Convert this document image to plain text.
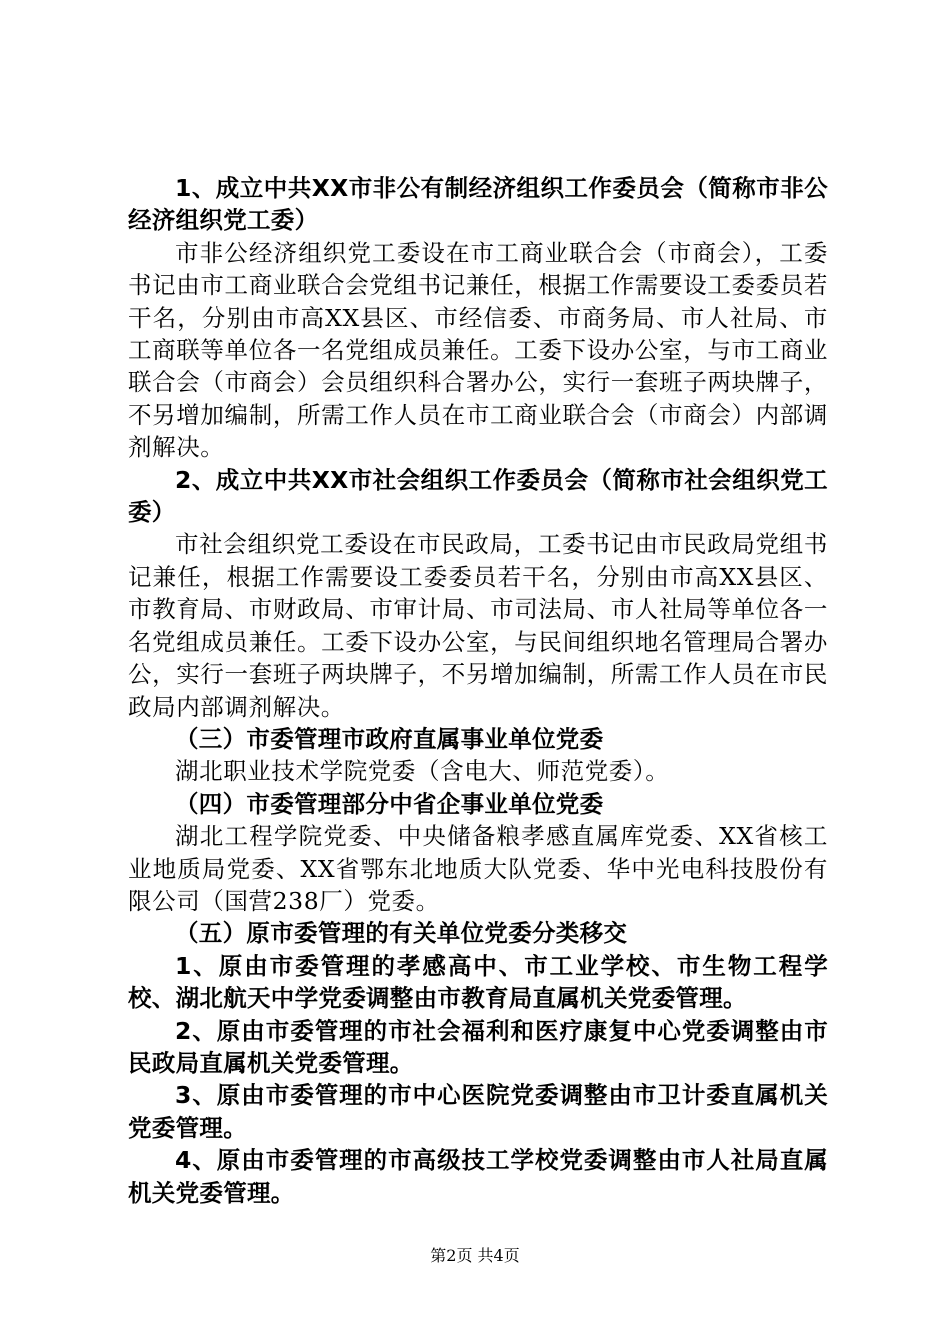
1、成立中共XX市非公有制经济组织工作委员会（简称市非公经济组织党工委）

市非公经济组织党工委设在市工商业联合会（市商会），工委书记由市工商业联合会党组书记兼任，根据工作需要设工委委员若干名，分别由市高XX县区、市经信委、市商务局、市人社局、市工商联等单位各一名党组成员兼任。工委下设办公室，与市工商业联合会（市商会）会员组织科合署办公，实行一套班子两块牌子，不另增加编制，所需工作人员在市工商业联合会（市商会）内部调剂解决。

2、成立中共XX市社会组织工作委员会（简称市社会组织党工委）

市社会组织党工委设在市民政局，工委书记由市民政局党组书记兼任，根据工作需要设工委委员若干名，分别由市高XX县区、市教育局、市财政局、市审计局、市司法局、市人社局等单位各一名党组成员兼任。工委下设办公室，与民间组织地名管理局合署办公，实行一套班子两块牌子，不另增加编制，所需工作人员在市民政局内部调剂解决。

（三）市委管理市政府直属事业单位党委

湖北职业技术学院党委（含电大、师范党委）。

（四）市委管理部分中省企事业单位党委

湖北工程学院党委、中央储备粮孝感直属库党委、XX省核工业地质局党委、XX省鄂东北地质大队党委、华中光电科技股份有限公司（国营238厂）党委。

（五）原市委管理的有关单位党委分类移交

1、原由市委管理的孝感高中、市工业学校、市生物工程学校、湖北航天中学党委调整由市教育局直属机关党委管理。

2、原由市委管理的市社会福利和医疗康复中心党委调整由市民政局直属机关党委管理。

3、原由市委管理的市中心医院党委调整由市卫计委直属机关党委管理。

4、原由市委管理的市高级技工学校党委调整由市人社局直属机关党委管理。

第2页 共4页
